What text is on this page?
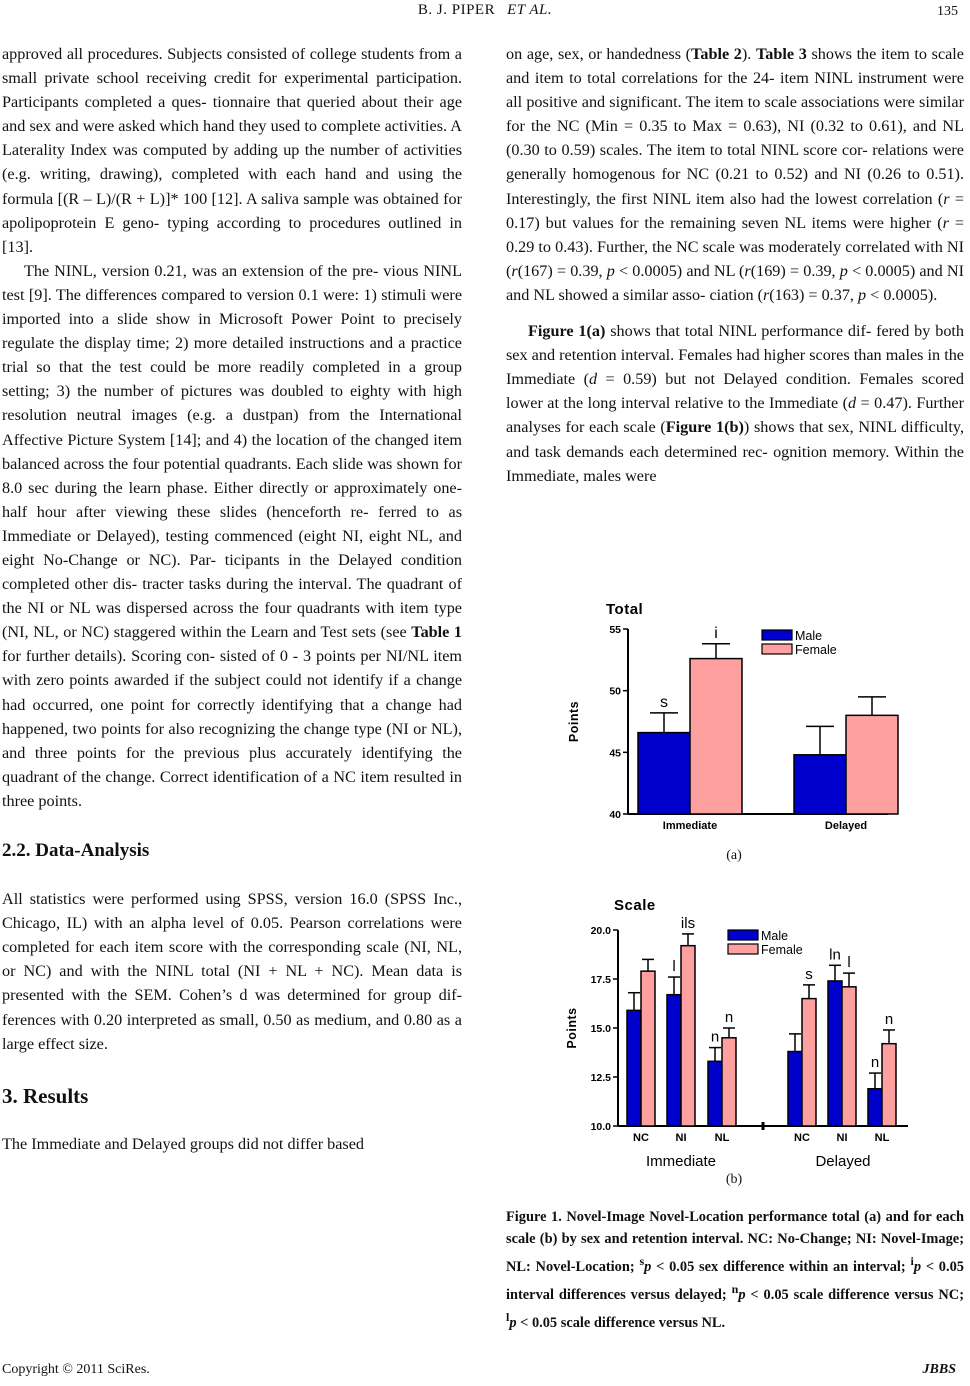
B. J. PIPER ET AL.	135

approved all procedures. Subjects consisted of college students from a small private school receiving credit for experimental participation. Participants completed a ques- tionnaire that queried about their age and sex and were asked which hand they used to complete activities. A Laterality Index was computed by adding up the number of activities (e.g. writing, drawing), completed with each hand and using the formula [(R – L)/(R + L)]* 100 [12]. A saliva sample was obtained for apolipoprotein E geno- typing according to procedures outlined in [13].

The NINL, version 0.21, was an extension of the pre- vious NINL test [9]. The differences compared to version 0.1 were: 1) stimuli were imported into a slide show in Microsoft Power Point to precisely regulate the display time; 2) more detailed instructions and a practice trial so that the test could be more readily completed in a group setting; 3) the number of pictures was doubled to eighty with high resolution neutral images (e.g. a dustpan) from the International Affective Picture System [14]; and 4) the location of the changed item balanced across the four potential quadrants. Each slide was shown for 8.0 sec during the learn phase. Either directly or approximately one-half hour after viewing these slides (henceforth re- ferred to as Immediate or Delayed), testing commenced (eight NI, eight NL, and eight No-Change or NC). Par- ticipants in the Delayed condition completed other dis- tracter tasks during the interval. The quadrant of the NI or NL was dispersed across the four quadrants with item type (NI, NL, or NC) staggered within the Learn and Test sets (see Table 1 for further details). Scoring con- sisted of 0 - 3 points per NI/NL item with zero points awarded if the subject could not identify if a change had occurred, one point for correctly identifying that a change had happened, two points for also recognizing the change type (NI or NL), and three points for the previous plus accurately identifying the quadrant of the change. Correct identification of a NC item resulted in three points.

2.2. Data-Analysis

All statistics were performed using SPSS, version 16.0 (SPSS Inc., Chicago, IL) with an alpha level of 0.05. Pearson correlations were completed for each item score with the corresponding scale (NI, NL, or NC) and with the NINL total (NI + NL + NC). Mean data is presented with the SEM. Cohen’s d was determined for group dif- ferences with 0.20 interpreted as small, 0.50 as medium, and 0.80 as a large effect size.

3. Results

The Immediate and Delayed groups did not differ based

on age, sex, or handedness (Table 2). Table 3 shows the item to scale and item to total correlations for the 24- item NINL instrument were all positive and significant. The item to scale associations were similar for the NC (Min = 0.35 to Max = 0.63), NI (0.32 to 0.61), and NL (0.30 to 0.59) scales. The item to total NINL score cor- relations were generally homogenous for NC (0.21 to 0.52) and NI (0.26 to 0.51). Interestingly, the first NINL item also had the lowest correlation (r = 0.17) but values for the remaining seven NL items were higher (r = 0.29 to 0.43). Further, the NC scale was moderately correlated with NI (r(167) = 0.39, p < 0.0005) and NL (r(169) = 0.39, p < 0.0005) and NI and NL showed a similar asso- ciation (r(163) = 0.37, p < 0.0005).

Figure 1(a) shows that total NINL performance dif- fered by both sex and retention interval. Females had higher scores than males in the Immediate (d = 0.59) but not Delayed condition. Females scored lower at the long interval relative to the Immediate (d = 0.47). Further analyses for each scale (Figure 1(b)) shows that sex, NINL difficulty, and task demands each determined rec- ognition memory. Within the Immediate, males were

Total
Points
40
45
50
55
s
i
Immediate	Delayed
Male
Female
(a)
Scale
Points
10.0
12.5
15.0
17.5
20.0
NC
l
ils
NI
n
n
NL
s
NC
ln l
NI
n
n
NL
Immediate	Delayed
Male
Female
(b)
Figure 1. Novel-Image Novel-Location performance total (a) and for each scale (b) by sex and retention interval. NC: No-Change; NI: Novel-Image; NL: Novel-Location; $^s$p < 0.05 sex difference within an interval; $^i$p < 0.05 interval differences versus delayed; $^n$p < 0.05 scale difference versus NC; $^l$p < 0.05 scale difference versus NL.
Copyright © 2011 SciRes.	JBBS
